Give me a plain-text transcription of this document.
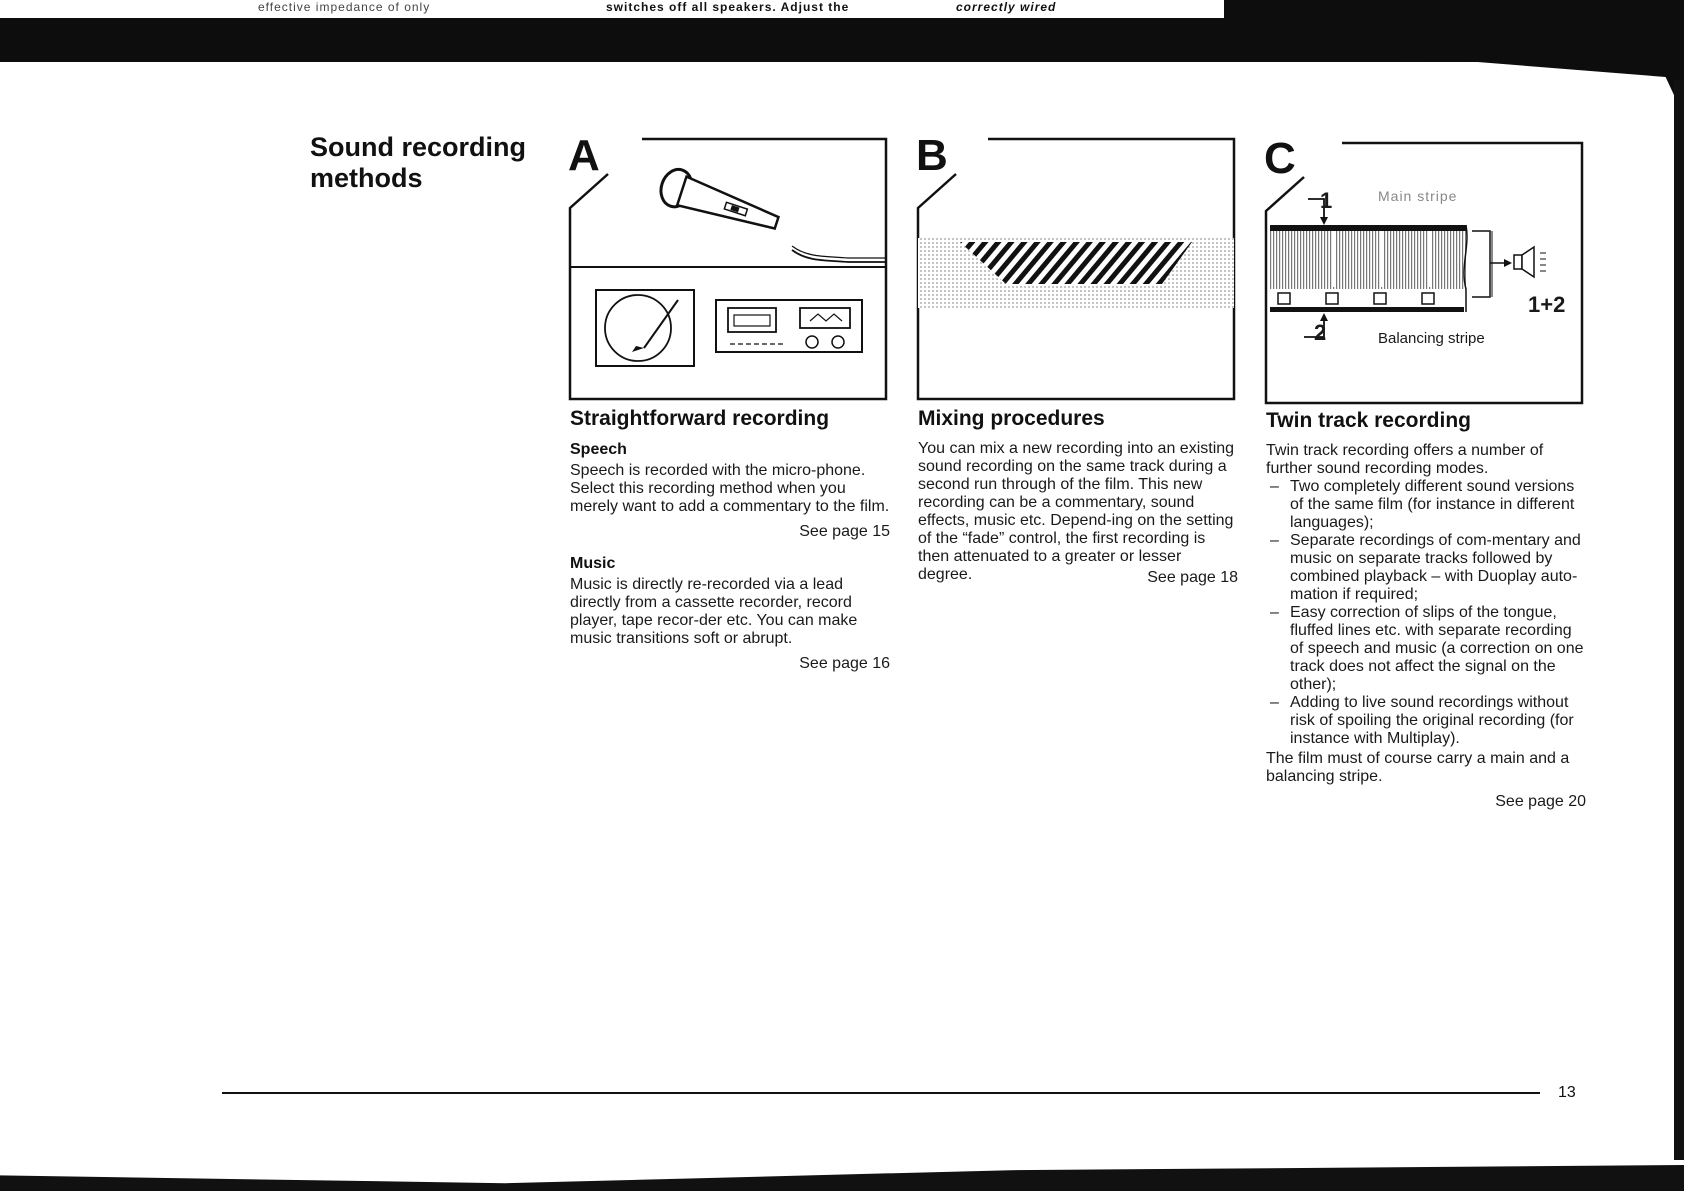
effective impedance of only	switches off all speakers. Adjust the	correctly wired
Sound recording
methods	A	B	C
1	Main stripe
2	Balancing stripe
1+2
Straightforward recording
Speech

Speech is recorded with the micro-phone. Select this recording method when you merely want to add a commentary to the film.

See page 15
Music

Music is directly re-recorded via a lead directly from a cassette recorder, record player, tape recor-der etc. You can make music transitions soft or abrupt.

See page 16
Mixing procedures

You can mix a new recording into an existing sound recording on the same track during a second run through of the film. This new recording can be a commentary, sound effects, music etc. Depend-ing on the setting of the “fade” control, the first recording is then attenuated to a greater or lesser degree.	See page 18
Twin track recording

Twin track recording offers a number of further sound recording modes.

– Two completely different sound versions of the same film (for instance in different languages);
– Separate recordings of com-mentary and music on separate tracks followed by combined playback – with Duoplay auto-mation if required;
– Easy correction of slips of the tongue, fluffed lines etc. with separate recording of speech and music (a correction on one track does not affect the signal on the other);
– Adding to live sound recordings without risk of spoiling the original recording (for instance with Multiplay).

The film must of course carry a main and a balancing stripe.

See page 20
13
